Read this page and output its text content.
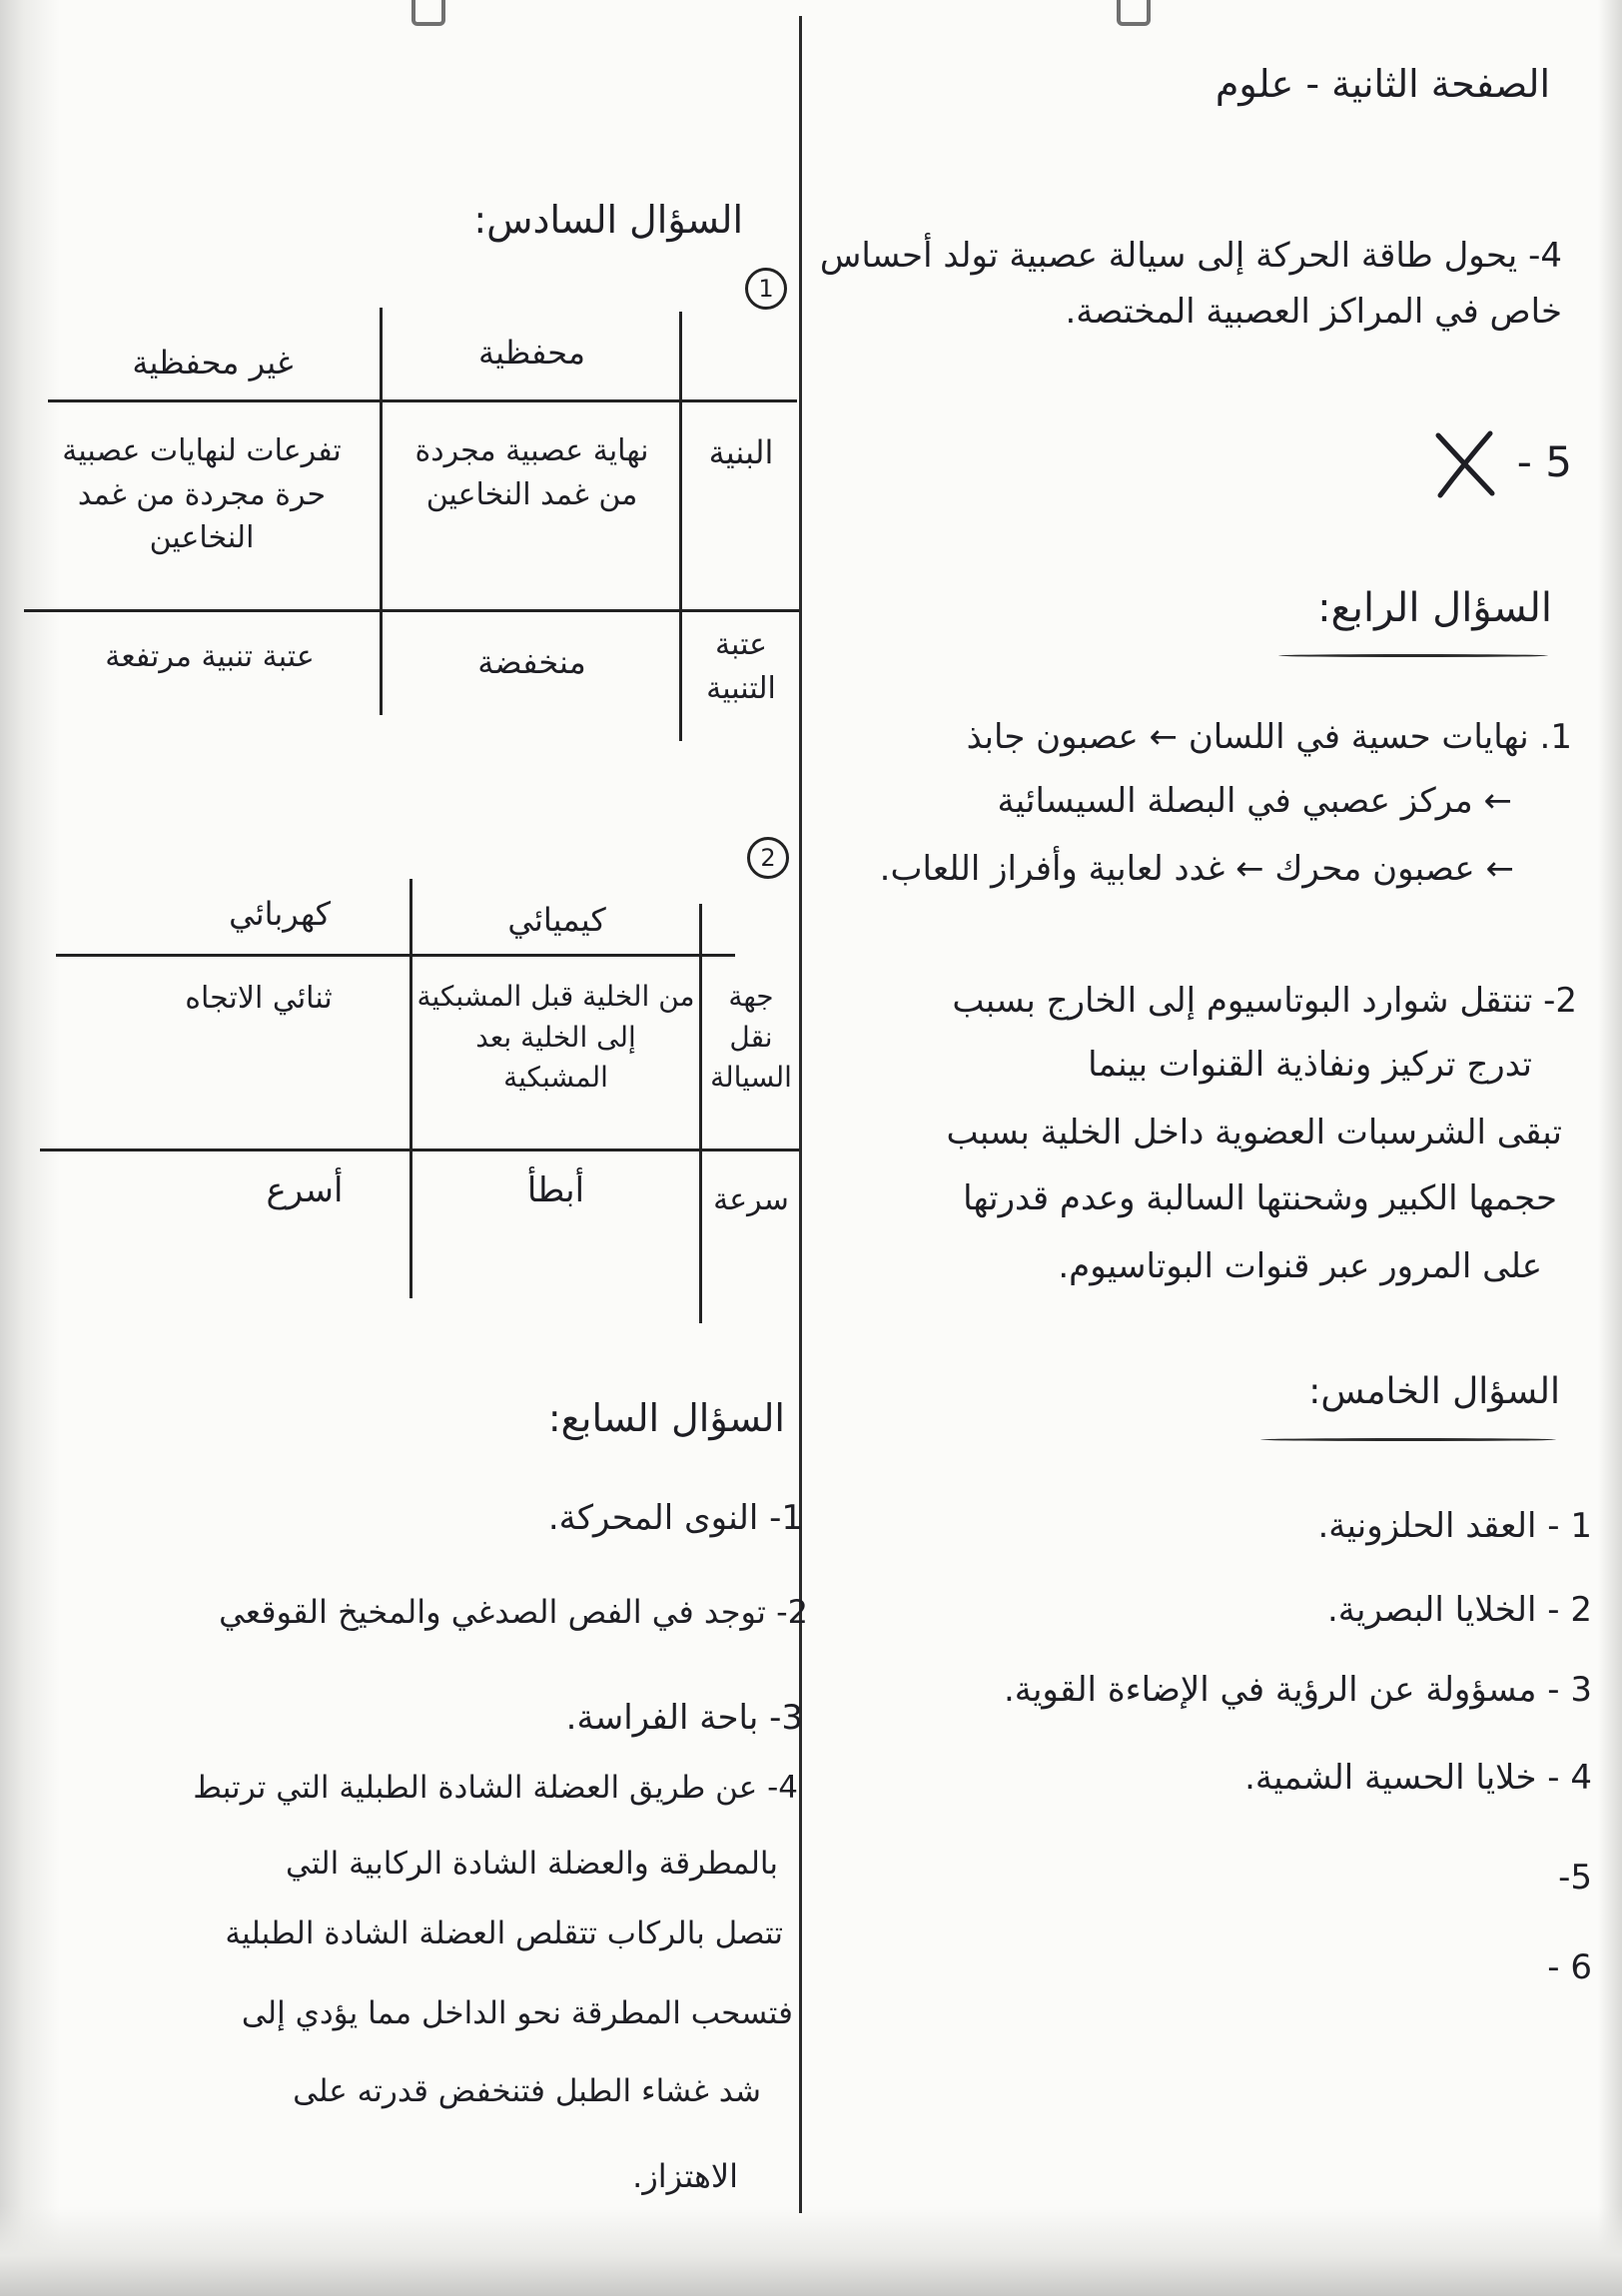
الصفحة الثانية - علوم
4- يحول طاقة الحركة إلى سيالة عصبية تولد أحساس
خاص في المراكز العصبية المختصة.
5 -
السؤال الرابع:
1. نهايات حسية في اللسان ← عصبون جابذ
← مركز عصبي في البصلة السيسائية
← عصبون محرك ← غدد لعابية وأفراز اللعاب.
2- تنتقل شوارد البوتاسيوم إلى الخارج بسبب
تدرج تركيز ونفاذية القنوات بينما
تبقى الشرسبات العضوية داخل الخلية بسبب
حجمها الكبير وشحنتها السالبة وعدم قدرتها
على المرور عبر قنوات البوتاسيوم.
السؤال الخامس:
1 - العقد الحلزونية.
2 - الخلايا البصرية.
3 - مسؤولة عن الرؤية في الإضاءة القوية.
4 - خلايا الحسية الشمية.
5-
6 -
السؤال السادس:
1
محفظية
غير محفظية
البنية
نهاية عصبية مجردة
من غمد النخاعين
تفرعات لنهايات عصبية
حرة مجردة من غمد
النخاعين
عتبة
التنبية
منخفضة
عتبة تنبية مرتفعة
2
كيميائي
كهربائي
جهة نقل
السيالة
من الخلية قبل المشبكية
إلى الخلية بعد
المشبكية
ثنائي الاتجاه
سرعة
أبطأ
أسرع
السؤال السابع:
1- النوى المحركة.
2- توجد في الفص الصدغي والمخيخ القوقعي
3- باحة الفراسة.
4- عن طريق العضلة الشادة الطبلية التي ترتبط
بالمطرقة والعضلة الشادة الركابية التي
تتصل بالركاب تتقلص العضلة الشادة الطبلية
فتسحب المطرقة نحو الداخل مما يؤدي إلى
شد غشاء الطبل فتنخفض قدرته على
الاهتزاز.
